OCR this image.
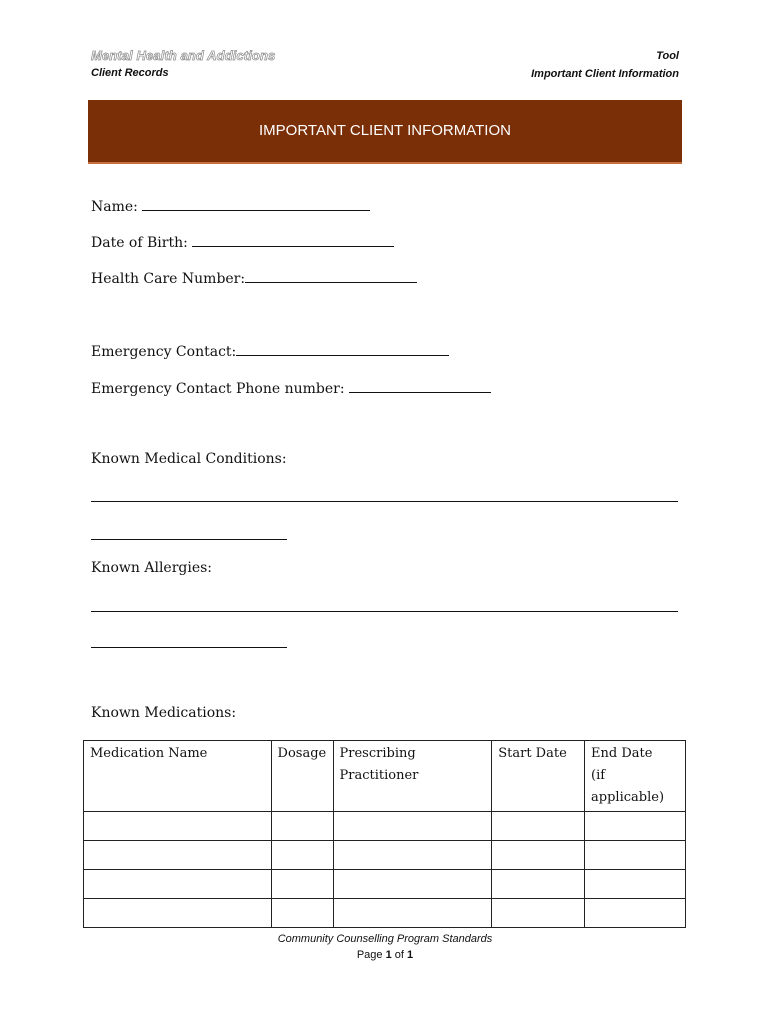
Mental Health and Addictions
Client Records
Tool
Important Client Information
IMPORTANT CLIENT INFORMATION
Name:
Date of Birth:
Health Care Number:
Emergency Contact:
Emergency Contact Phone number:
Known Medical Conditions:
Known Allergies:
Known Medications:
Medication Name	Dosage	Prescribing Practitioner	Start Date	End Date
(if applicable)

Community Counselling Program Standards
Page 1 of 1
